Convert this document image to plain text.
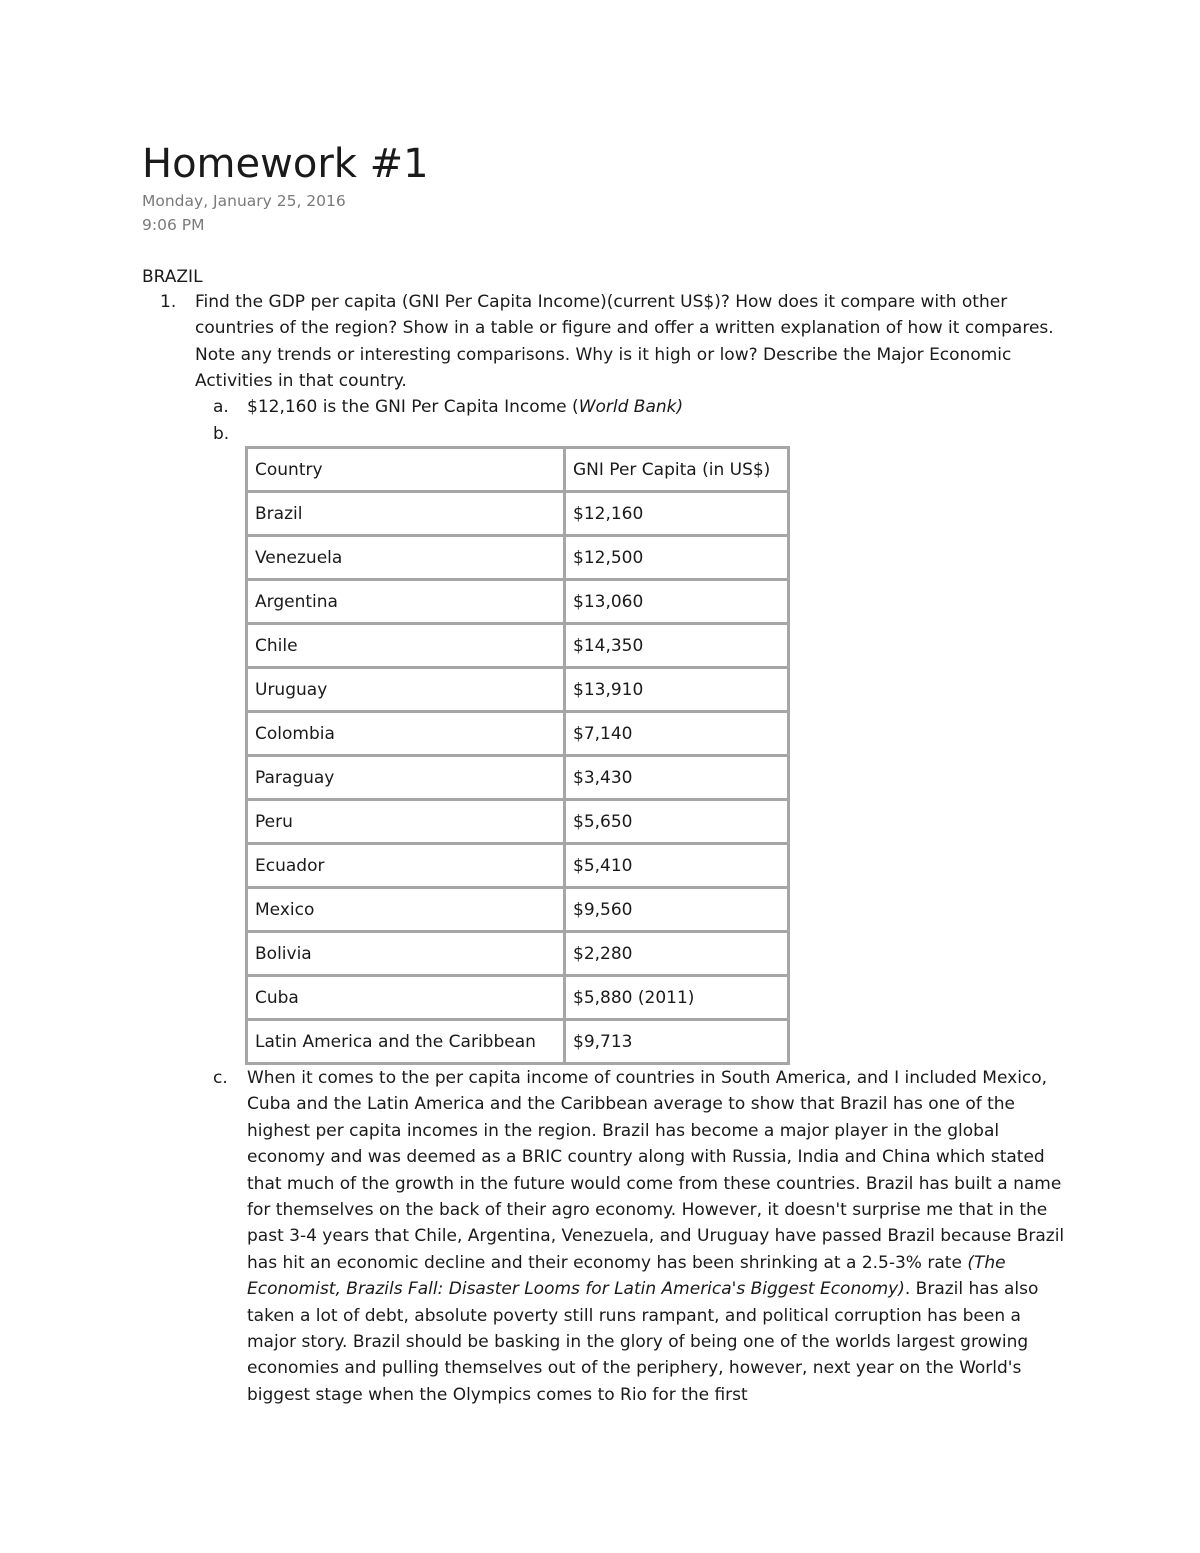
Homework #1
Monday, January 25, 2016
9:06 PM
BRAZIL
1. Find the GDP per capita (GNI Per Capita Income)(current US$)? How does it compare with other countries of the region? Show in a table or figure and offer a written explanation of how it compares. Note any trends or interesting comparisons. Why is it high or low? Describe the Major Economic Activities in that country.
a. $12,160 is the GNI Per Capita Income (World Bank)
b.
Country	GNI Per Capita (in US$)
Brazil	$12,160
Venezuela	$12,500
Argentina	$13,060
Chile	$14,350
Uruguay	$13,910
Colombia	$7,140
Paraguay	$3,430
Peru	$5,650
Ecuador	$5,410
Mexico	$9,560
Bolivia	$2,280
Cuba	$5,880 (2011)
Latin America and the Caribbean	$9,713
c. When it comes to the per capita income of countries in South America, and I included Mexico, Cuba and the Latin America and the Caribbean average to show that Brazil has one of the highest per capita incomes in the region. Brazil has become a major player in the global economy and was deemed as a BRIC country along with Russia, India and China which stated that much of the growth in the future would come from these countries. Brazil has built a name for themselves on the back of their agro economy. However, it doesn't surprise me that in the past 3-4 years that Chile, Argentina, Venezuela, and Uruguay have passed Brazil because Brazil has hit an economic decline and their economy has been shrinking at a 2.5-3% rate (The Economist, Brazils Fall: Disaster Looms for Latin America's Biggest Economy). Brazil has also taken a lot of debt, absolute poverty still runs rampant, and political corruption has been a major story. Brazil should be basking in the glory of being one of the worlds largest growing economies and pulling themselves out of the periphery, however, next year on the World's biggest stage when the Olympics comes to Rio for the first
